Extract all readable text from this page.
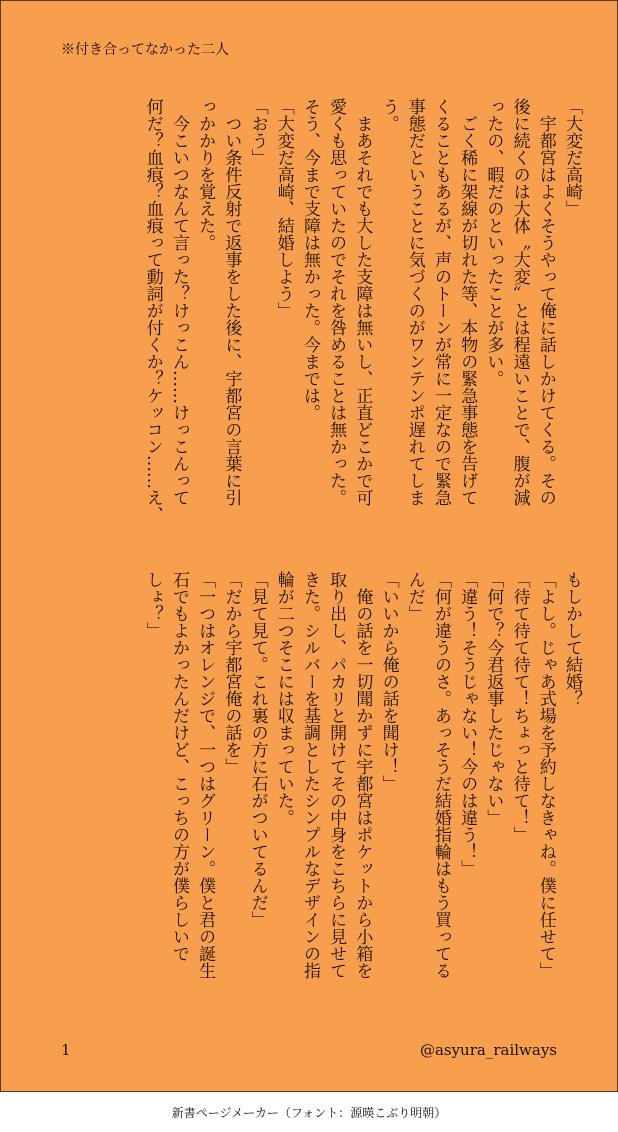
※付き合ってなかった二人

「大変だ高崎」

　宇都宮はよくそうやって俺に話しかけてくる。その

後に続くのは大体〝大変〟とは程遠いことで、腹が減

ったの、暇だのといったことが多い。

　ごく稀に架線が切れた等、本物の緊急事態を告げて

くることもあるが、声のトーンが常に一定なので緊急

事態だということに気づくのがワンテンポ遅れてしま

う。

　まあそれでも大した支障は無いし、正直どこかで可

愛くも思っていたのでそれを咎めることは無かった。

そう、今まで支障は無かった。今までは。

「大変だ高崎、結婚しよう」

「おう」

　つい条件反射で返事をした後に、宇都宮の言葉に引

っかかりを覚えた。

　今こいつなんて言った？けっこん……けっこんって

何だ？血痕？血痕って動詞が付くか？ケッコン……え、

もしかして結婚？

「よし。じゃあ式場を予約しなきゃね。僕に任せて」

「待て待て待て！ちょっと待て！」

「何で？今君返事したじゃない」

「違う！そうじゃない！今のは違う！」

「何が違うのさ。あっそうだ結婚指輪はもう買ってる

んだ」

「いいから俺の話を聞け！」

　俺の話を一切聞かずに宇都宮はポケットから小箱を

取り出し、パカリと開けてその中身をこちらに見せて

きた。シルバーを基調としたシンプルなデザインの指

輪が二つそこには収まっていた。

「見て見て。これ裏の方に石がついてるんだ」

「だから宇都宮俺の話を」

「一つはオレンジで、一つはグリーン。僕と君の誕生

石でもよかったんだけど、こっちの方が僕らしいで

しょ？」

1	@asyura_railways
新書ページメーカー（フォント：源暎こぶり明朝）
